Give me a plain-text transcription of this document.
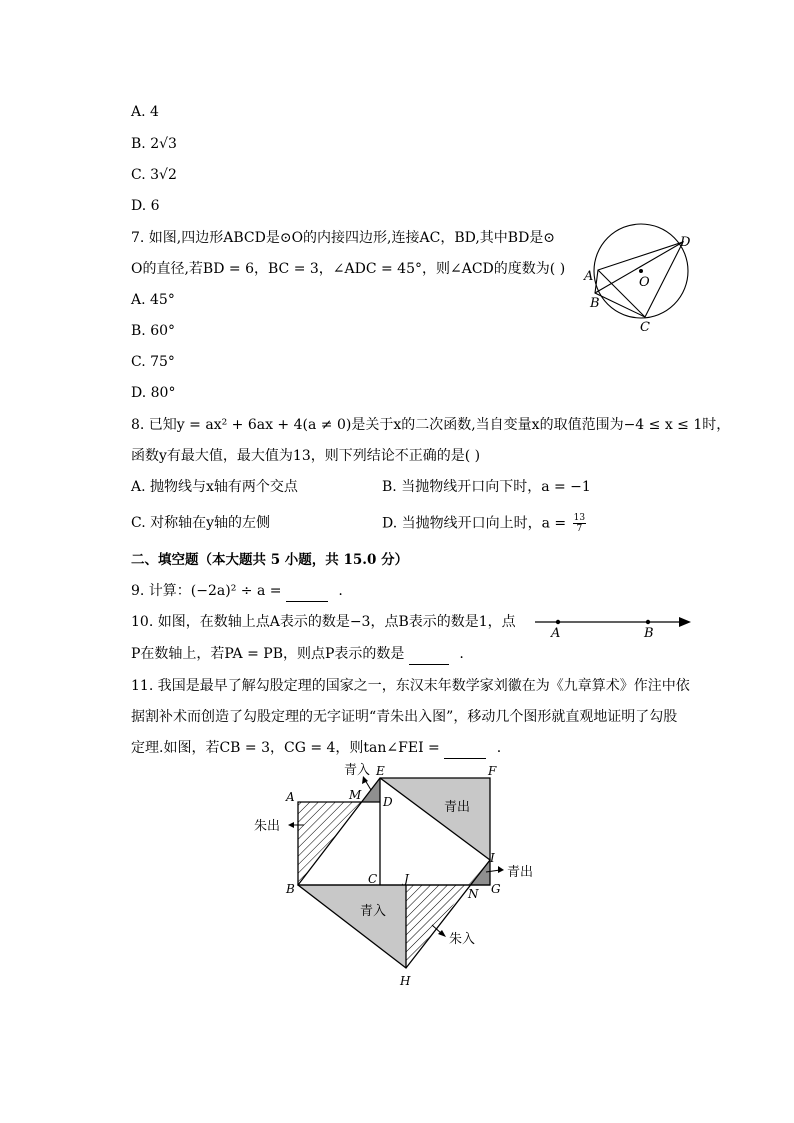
A. 4
B. 2√3
C. 3√2
D. 6
7. 如图,四边形ABCD是⊙O的内接四边形,连接AC，BD,其中BD是⊙
O的直径,若BD = 6，BC = 3，∠ADC = 45°，则∠ACD的度数为( )
A. 45°
B. 60°
C. 75°
D. 80°
A
B
C
D
O
8. 已知y = ax² + 6ax + 4(a ≠ 0)是关于x的二次函数,当自变量x的取值范围为−4 ≤ x ≤ 1时，
函数y有最大值，最大值为13，则下列结论不正确的是( )
A. 抛物线与x轴有两个交点	B. 当抛物线开口向下时，a = −1
C. 对称轴在y轴的左侧	D. 当抛物线开口向上时，$a = \frac{13}{7}$
二、填空题（本大题共 5 小题，共 15.0 分）
9. 计算：(−2a)² ÷ a =	.
10. 如图，在数轴上点A表示的数是−3，点B表示的数是1，点
P在数轴上，若PA = PB，则点P表示的数是	.
A	B
11. 我国是最早了解勾股定理的国家之一，东汉末年数学家刘徽在为《九章算术》作注中依
据割补术而创造了勾股定理的无字证明“青朱出入图”，移动几个图形就直观地证明了勾股
定理.如图，若CB = 3，CG = 4，则tan∠FEI =	.
A	M
E
D
F
I
B
C J
N G
H
青入
朱出
青出
青出
青入
朱入
